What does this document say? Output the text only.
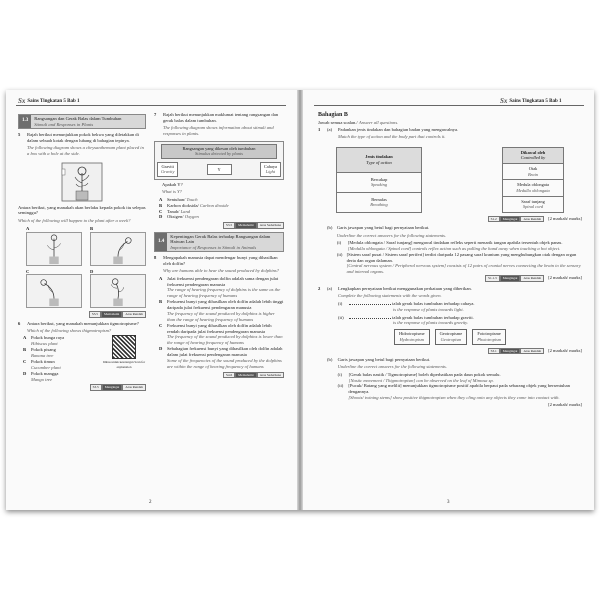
Sx Sains Tingkatan 5 Bab 1
1.3	Rangsangan dan Gerak Balas dalam Tumbuhan
Stimuli and Responses in Plants
5	Rajah berikut menunjukkan pokok bekwa yang diletakkan di dalam sebuah kotak dengan lubang di bahagian tepinya.

The following diagram shows a chrysanthemum plant placed in a box with a hole at the side.

Antara berikut, yang manakah akan berlaku kepada pokok itu selepas seminggu?

Which of the following will happen to the plant after a week?

A	B
C	D
S3.5	Memahami	Aras Rendah
6	Antara berikut, yang manakah menunjukkan tigmotropisme?

Which of the following shows thigmotropism?

A	Pokok bunga raya
Hibiscus plant
B	Pokok pisang
Banana tree
C	Pokok timun
Cucumber plant
D	Pokok mangga
Mango tree
Imbas untuk keterangan Scan for explanation
S3.5	Mengingat	Aras Rendah
7	Rajah berikut menunjukkan maklumat tentang rangsangan dan gerak balas dalam tumbuhan.

The following diagram shows information about stimuli and responses in plants.

Rangsangan yang dikesan oleh tumbuhan
Stimulus detected by plants
Graviti
Gravity
Y
Cahaya
Light

Apakah Y?

What is Y?

A	Sentuhan/ Touch
B	Karbon dioksida/ Carbon dioxide
C	Tanah/ Land
D	Oksigen/ Oxygen
S3.5	Memahami	Aras Sederhana
1.4
Kepentingan Gerak Balas terhadap Rangsangan dalam Haiwan Lain
Importance of Responses to Stimuli in Animals
8	Mengapakah manusia dapat mendengar bunyi yang dihasilkan oleh dolfin?

Why are humans able to hear the sound produced by dolphins?

A	Julat frekuensi pendengaran dolfin adalah sama dengan julat frekuensi pendengaran manusia
The range of hearing frequency of dolphins is the same as the range of hearing frequency of humans
B	Frekuensi bunyi yang dihasilkan oleh dolfin adalah lebih tinggi daripada julat frekuensi pendengaran manusia
The frequency of the sound produced by dolphins is higher than the range of hearing frequency of humans
C	Frekuensi bunyi yang dihasilkan oleh dolfin adalah lebih rendah daripada julat frekuensi pendengaran manusia
The frequency of the sound produced by dolphins is lower than the range of hearing frequency of humans
D	Sebahagian frekuensi bunyi yang dihasilkan oleh dolfin adalah dalam julat frekuensi pendengaran manusia
Some of the frequencies of the sound produced by the dolphins are within the range of hearing frequency of humans
S4.6	Memahami	Aras Sederhana
2
Sx Sains Tingkatan 5 Bab 1
Bahagian B

Jawab semua soalan./ Answer all questions.

1	(a)	Padankan jenis tindakan dan bahagian badan yang mengawalnya.

Match the type of action and the body part that controls it.

Jenis tindakan
Type of action
Bercakap
Speaking
Bernafas
Breathing
Dikawal oleh
Controlled by
Otak
Brain
Medula oblongata
Medulla oblongata
Saraf tunjang
Spinal cord
S1.2	Mengingat	Aras Rendah	[2 markah/ marks]
(b) Garis jawapan yang betul bagi pernyataan berikut.

Underline the correct answers for the following statements.

(i)	[Medula oblongata / Saraf tunjang] mengawal tindakan refleks seperti menarik tangan apabila tersentuh objek panas.
[Medulla oblongata / Spinal cord] controls reflex action such as pulling the hand away when touching a hot object.
(ii) [Sistem saraf pusat / Sistem saraf periferi] terdiri daripada 12 pasang saraf kranium yang menghubungkan otak dengan organ deria dan organ dalaman.
[Central nervous system / Peripheral nervous system] consists of 12 pairs of cranial nerves connecting the brain to the sensory and internal organs.
S1.1.3	Mengingat	Aras Rendah	[2 markah/ marks]
2	(a)	Lengkapkan pernyataan berikut menggunakan perkataan yang diberikan.

Complete the following statements with the words given.

(i)	ialah gerak balas tumbuhan terhadap cahaya.
is the response of plants towards light.
(ii)	ialah gerak balas tumbuhan terhadap graviti.
is the response of plants towards gravity.
Hidrotropisme
Hydrotropism
Geotropisme
Geotropism
Fototropisme
Phototropism
S3.1	Mengingat	Aras Rendah	[2 markah/ marks]
(b)	Garis jawapan yang betul bagi pernyataan berikut.

Underline the correct answers for the following statements.

(i)	[Gerak balas nastik / Tigmotropisme] boleh diperhatikan pada daun pokok semalu.
[Nastic movement / Thigmotropism] can be observed on the leaf of Mimosa sp.
(ii)	[Pucuk/ Batang yang melilit] menunjukkan tigmotropisme positif apabila berpaut pada sebarang objek yang bersentuhan dengannya.
[Shoots/ twining stems] show positive thigmotropism when they cling onto any objects they come into contact with.
[2 markah/ marks]
3
